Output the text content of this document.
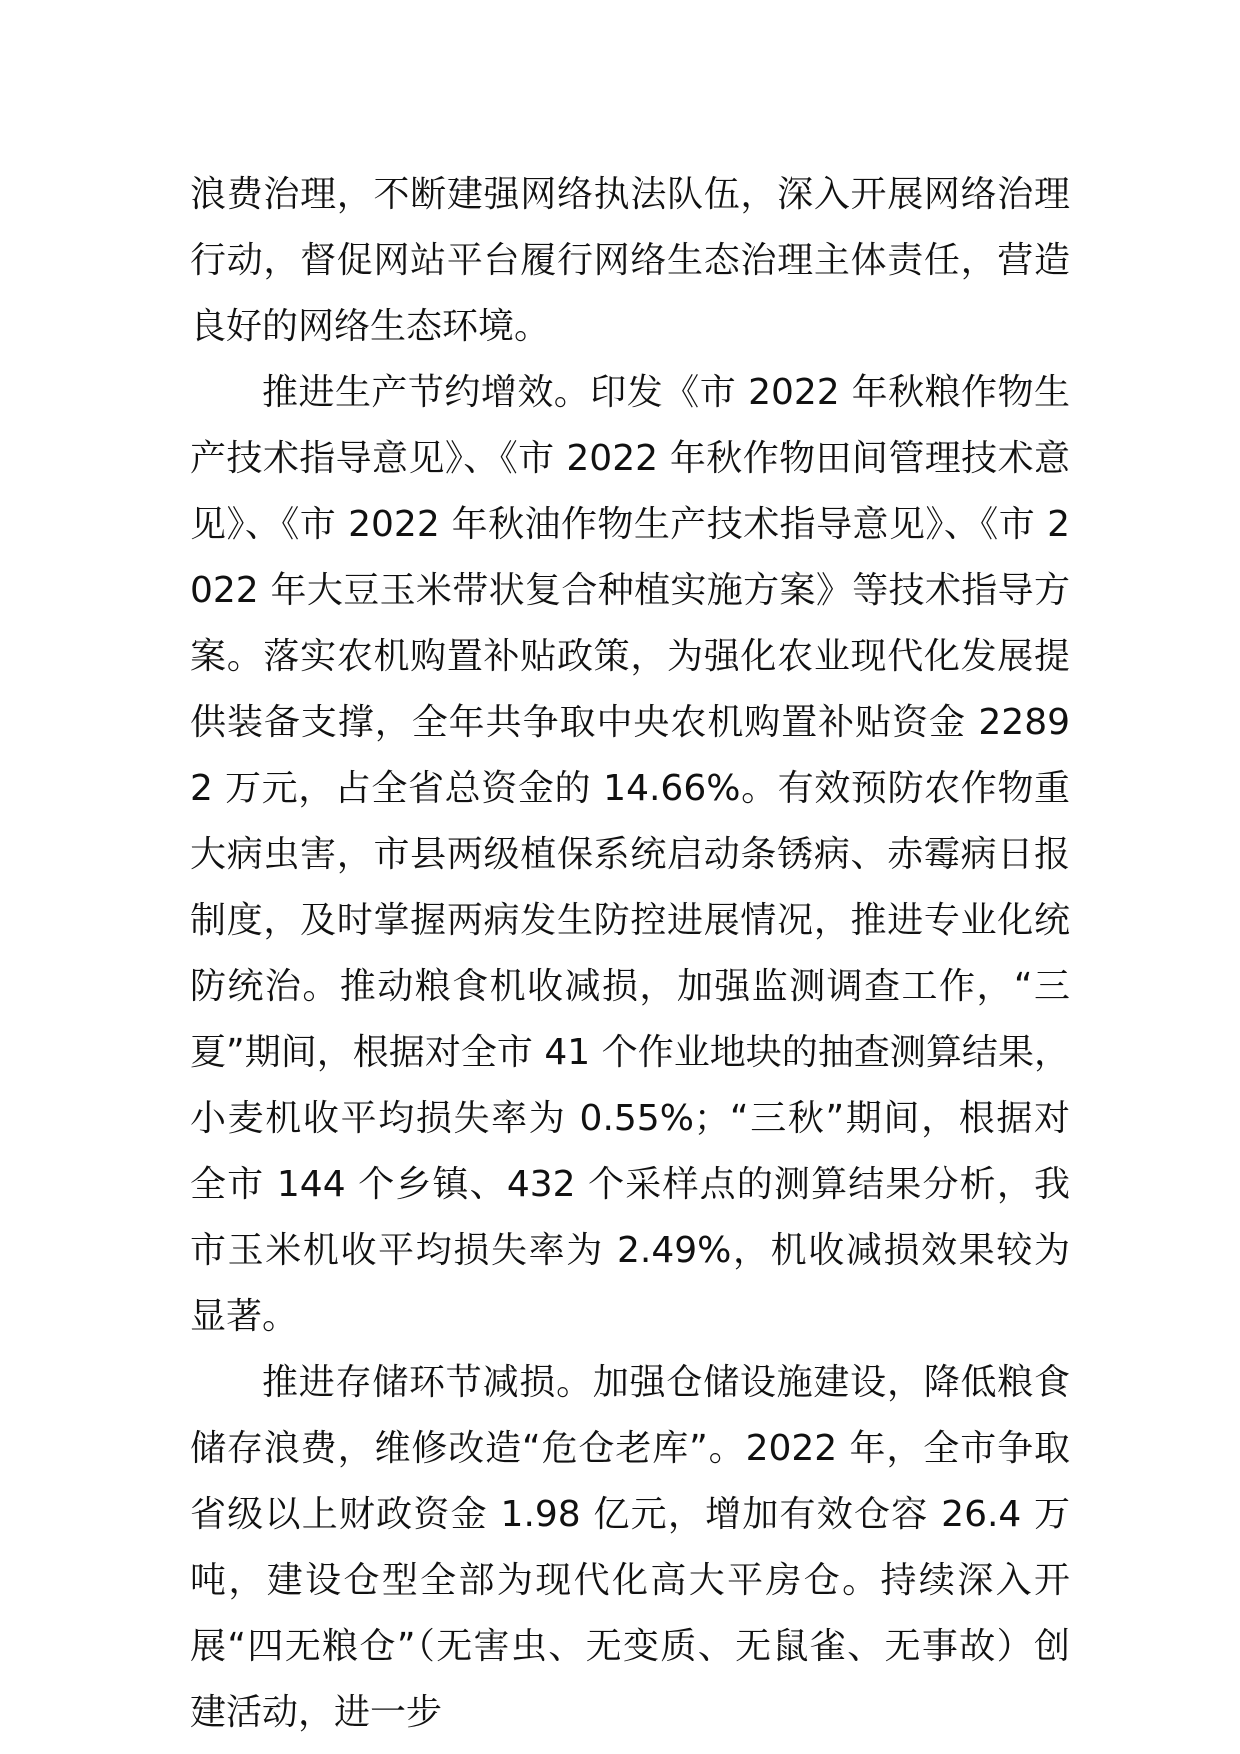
浪费治理，不断建强网络执法队伍，深入开展网络治理行动，督促网站平台履行网络生态治理主体责任，营造良好的网络生态环境。

推进生产节约增效。印发《市 2022 年秋粮作物生产技术指导意见》、《市 2022 年秋作物田间管理技术意见》、《市 2022 年秋油作物生产技术指导意见》、《市 2022 年大豆玉米带状复合种植实施方案》等技术指导方案。落实农机购置补贴政策，为强化农业现代化发展提供装备支撑，全年共争取中央农机购置补贴资金 22892 万元，占全省总资金的 14.66%。有效预防农作物重大病虫害，市县两级植保系统启动条锈病、赤霉病日报制度，及时掌握两病发生防控进展情况，推进专业化统防统治。推动粮食机收减损，加强监测调查工作，“三夏”期间，根据对全市 41 个作业地块的抽查测算结果，小麦机收平均损失率为 0.55%；“三秋”期间，根据对全市 144 个乡镇、432 个采样点的测算结果分析，我市玉米机收平均损失率为 2.49%，机收减损效果较为显著。

推进存储环节减损。加强仓储设施建设，降低粮食储存浪费，维修改造“危仓老库”。2022 年，全市争取省级以上财政资金 1.98 亿元，增加有效仓容 26.4 万吨，建设仓型全部为现代化高大平房仓。持续深入开展“四无粮仓”（无害虫、无变质、无鼠雀、无事故）创建活动，进一步
